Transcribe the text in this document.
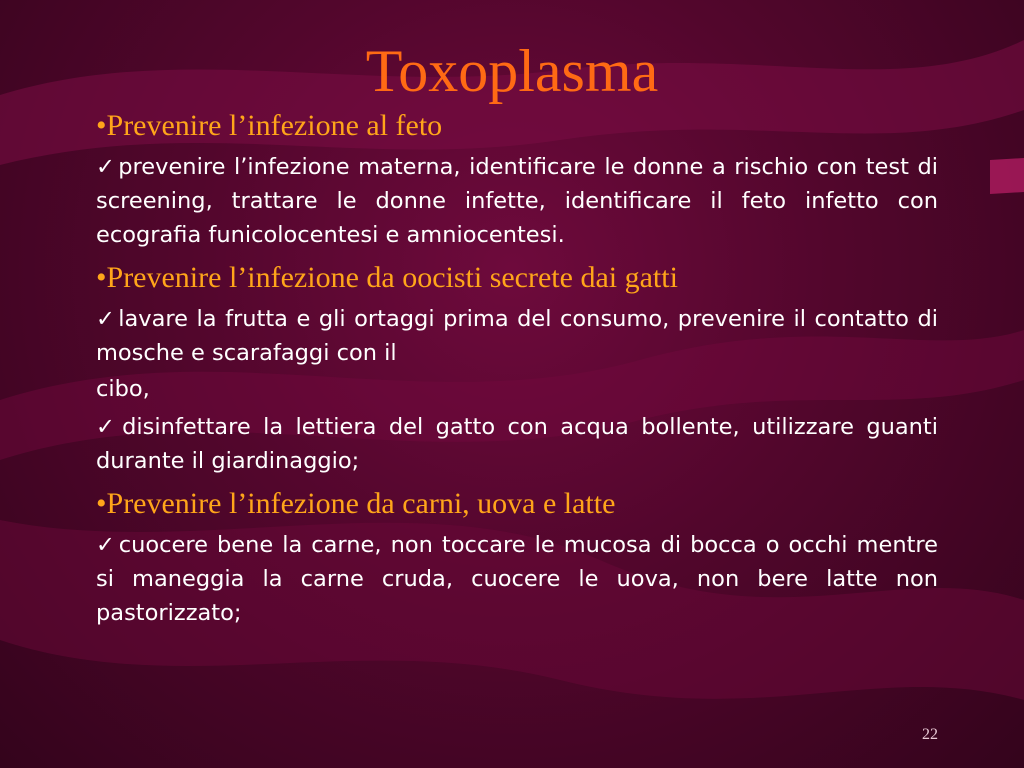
Toxoplasma
•Prevenire l’infezione al feto
✓prevenire l’infezione materna, identificare le donne a rischio con test di screening, trattare le donne infette, identificare il feto infetto con ecografia funicolocentesi e amniocentesi.
•Prevenire l’infezione da oocisti secrete dai gatti
✓lavare la frutta e gli ortaggi prima del consumo, prevenire il contatto di mosche e scarafaggi con il
cibo,
✓disinfettare la lettiera del gatto con acqua bollente, utilizzare guanti durante il giardinaggio;
•Prevenire l’infezione da carni, uova e latte
✓cuocere bene la carne, non toccare le mucosa di bocca o occhi mentre si maneggia la carne cruda, cuocere le uova, non bere latte non pastorizzato;
22
